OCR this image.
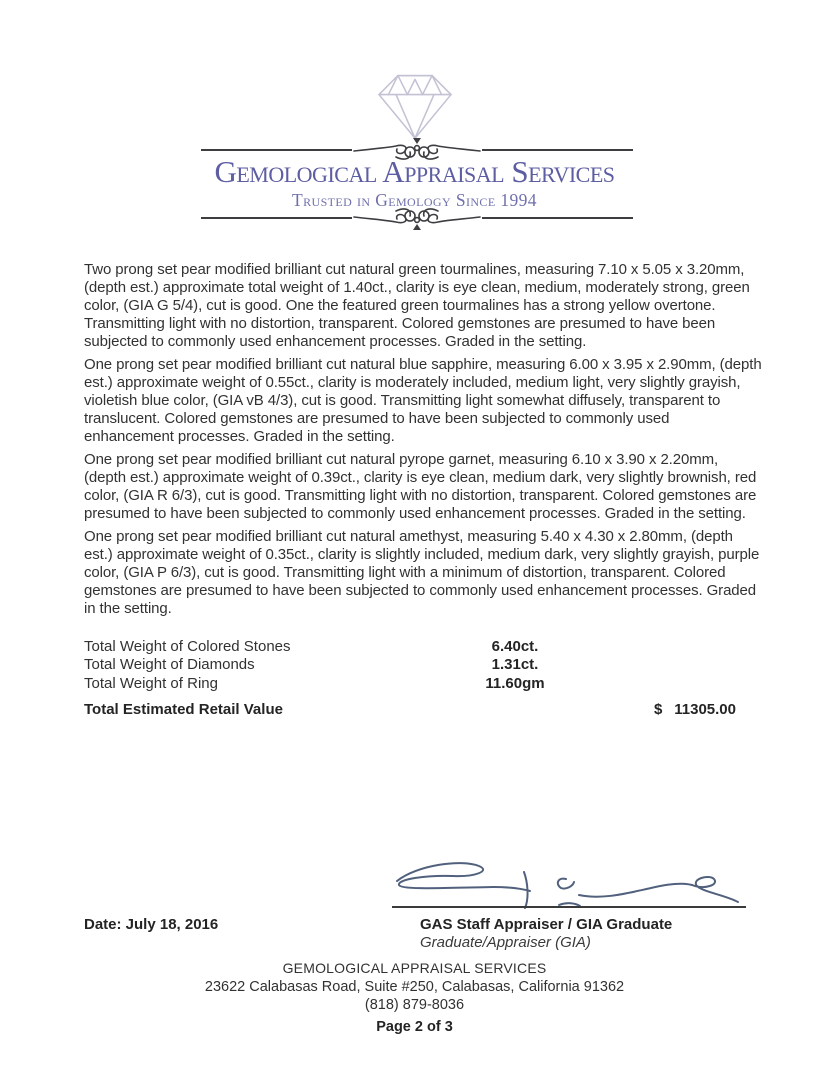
Gemological Appraisal Services
Trusted in Gemology Since 1994

Two prong set pear modified brilliant cut natural green tourmalines, measuring 7.10 x 5.05 x 3.20mm, (depth est.) approximate total weight of 1.40ct., clarity is eye clean, medium, moderately strong, green color, (GIA G 5/4), cut is good. One the featured green tourmalines has a strong yellow overtone. Transmitting light with no distortion, transparent. Colored gemstones are presumed to have been subjected to commonly used enhancement processes. Graded in the setting.

One prong set pear modified brilliant cut natural blue sapphire, measuring 6.00 x 3.95 x 2.90mm, (depth est.) approximate weight of 0.55ct., clarity is moderately included, medium light, very slightly grayish, violetish blue color, (GIA vB 4/3), cut is good. Transmitting light somewhat diffusely, transparent to translucent. Colored gemstones are presumed to have been subjected to commonly used enhancement processes. Graded in the setting.

One prong set pear modified brilliant cut natural pyrope garnet, measuring 6.10 x 3.90 x 2.20mm, (depth est.) approximate weight of 0.39ct., clarity is eye clean, medium dark, very slightly brownish, red color, (GIA R 6/3), cut is good. Transmitting light with no distortion, transparent. Colored gemstones are presumed to have been subjected to commonly used enhancement processes. Graded in the setting.

One prong set pear modified brilliant cut natural amethyst, measuring 5.40 x 4.30 x 2.80mm, (depth est.) approximate weight of 0.35ct., clarity is slightly included, medium dark, very slightly grayish, purple color, (GIA P 6/3), cut is good. Transmitting light with a minimum of distortion, transparent. Colored gemstones are presumed to have been subjected to commonly used enhancement processes. Graded in the setting.

Total Weight of Colored Stones	6.40ct.
Total Weight of Diamonds	1.31ct.
Total Weight of Ring	11.60gm
Total Estimated Retail Value	$ 11305.00
Date: July 18, 2016	GAS Staff Appraiser / GIA Graduate
Graduate/Appraiser (GIA)
GEMOLOGICAL APPRAISAL SERVICES
23622 Calabasas Road, Suite #250, Calabasas, California 91362
(818) 879-8036
Page 2 of 3
